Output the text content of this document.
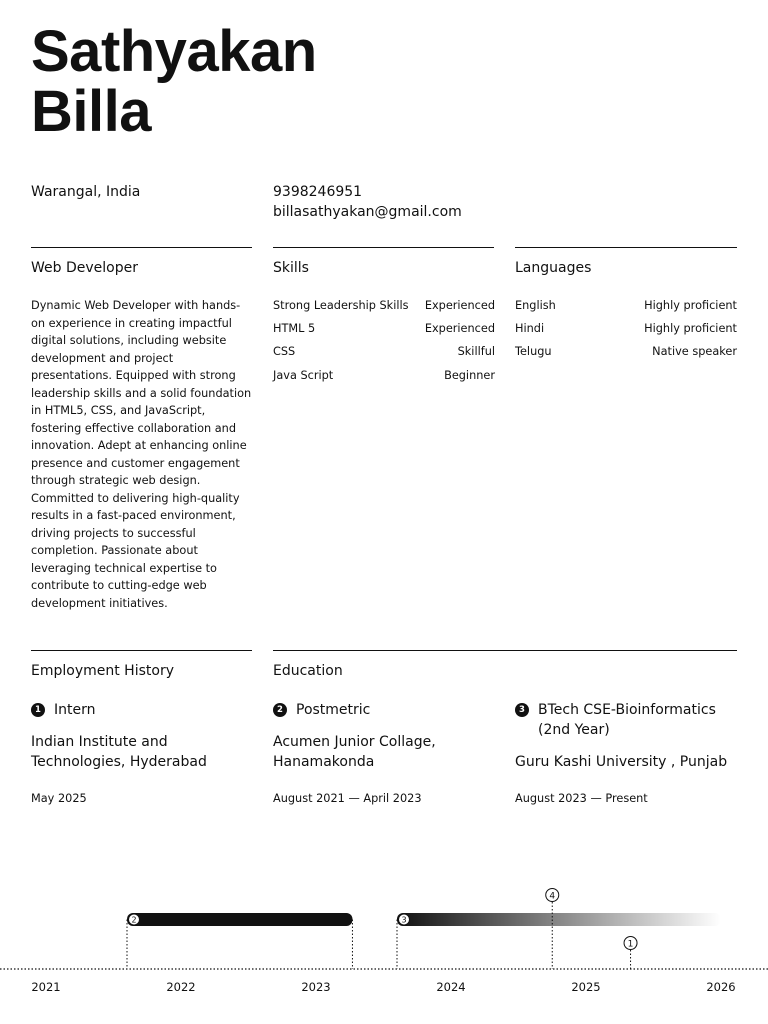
Sathyakan
Billa
Warangal, India	9398246951
billasathyakan@gmail.com
Web Developer	Skills	Languages
Dynamic Web Developer with hands-on experience in creating impactful digital solutions, including website development and project presentations. Equipped with strong leadership skills and a solid foundation in HTML5, CSS, and JavaScript, fostering effective collaboration and innovation. Adept at enhancing online presence and customer engagement through strategic web design. Committed to delivering high-quality results in a fast-paced environment, driving projects to successful completion. Passionate about leveraging technical expertise to contribute to cutting-edge web development initiatives.
Strong Leadership Skills Experienced
HTML 5	Experienced
CSS	Skillful
Java Script	Beginner
English	Highly proficient
Hindi	Highly proficient
Telugu	Native speaker
Employment History	Education
1 Intern
Indian Institute and Technologies, Hyderabad
May 2025
2 Postmetric
Acumen Junior Collage, Hanamakonda
August 2021 — April 2023
3 BTech CSE-Bioinformatics (2nd Year)
Guru Kashi University , Punjab
August 2023 — Present
2	3
4
1
2021	2022	2023	2024	2025	2026
